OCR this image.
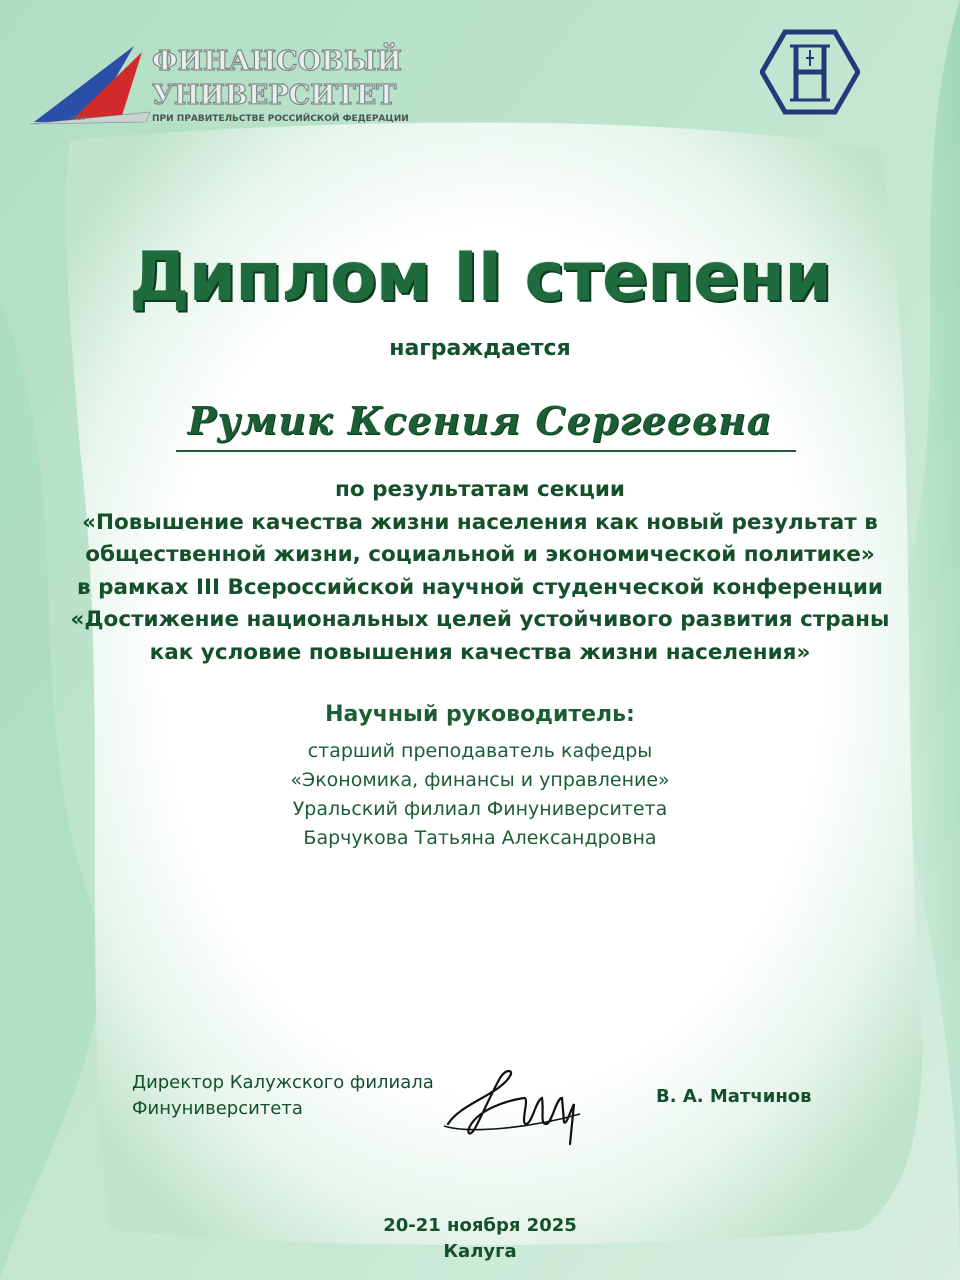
1919
ФИНАНСОВЫЙ
УНИВЕРСИТЕТ
ПРИ ПРАВИТЕЛЬСТВЕ РОССИЙСКОЙ ФЕДЕРАЦИИ
Диплом II степени
награждается
Румик Ксения Сергеевна
по результатам секции
«Повышение качества жизни населения как новый результат в
общественной жизни, социальной и экономической политике»
в рамках III Всероссийской научной студенческой конференции
«Достижение национальных целей устойчивого развития страны
как условие повышения качества жизни населения»
Научный руководитель:
старший преподаватель кафедры
«Экономика, финансы и управление»
Уральский филиал Финуниверситета
Барчукова Татьяна Александровна
Директор Калужского филиала
Финуниверситета
В. А. Матчинов
20-21 ноября 2025
Калуга
